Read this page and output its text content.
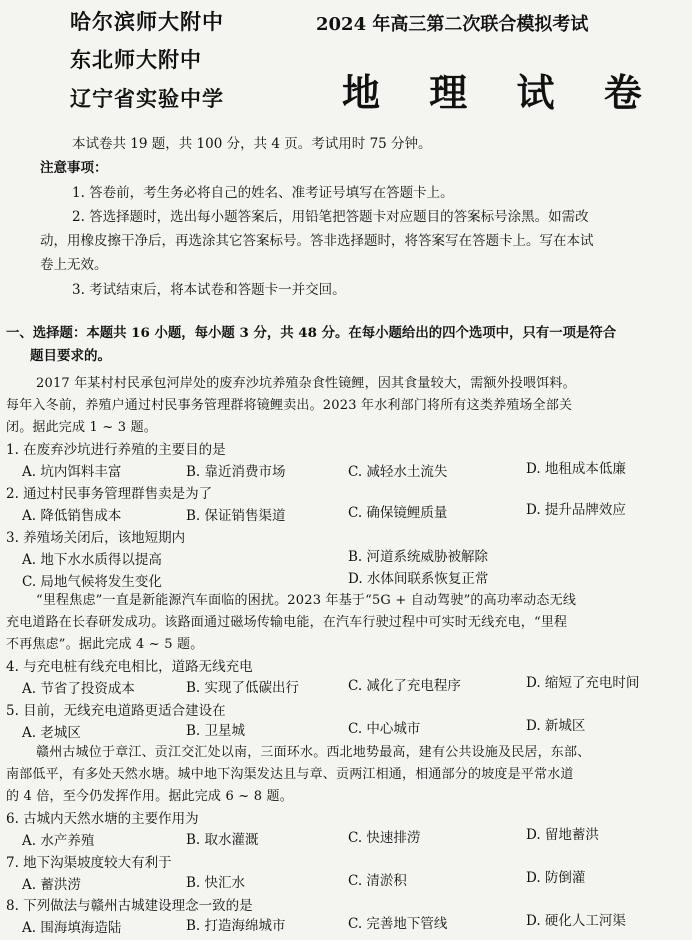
哈尔滨师大附中
东北师大附中
辽宁省实验中学
2024 年高三第二次联合模拟考试
地 理 试 卷
本试卷共 19 题，共 100 分，共 4 页。考试用时 75 分钟。
注意事项：
1. 答卷前，考生务必将自己的姓名、准考证号填写在答题卡上。
2. 答选择题时，选出每小题答案后，用铅笔把答题卡对应题目的答案标号涂黑。如需改
动，用橡皮擦干净后，再选涂其它答案标号。答非选择题时，将答案写在答题卡上。写在本试
卷上无效。
3. 考试结束后，将本试卷和答题卡一并交回。
一、选择题：本题共 16 小题，每小题 3 分，共 48 分。在每小题给出的四个选项中，只有一项是符合
题目要求的。
2017 年某村村民承包河岸处的废弃沙坑养殖杂食性镜鲤，因其食量较大，需额外投喂饵料。
每年入冬前，养殖户通过村民事务管理群将镜鲤卖出。2023 年水利部门将所有这类养殖场全部关
闭。据此完成 1 ~ 3 题。
1. 在废弃沙坑进行养殖的主要目的是
A. 坑内饵料丰富	B. 靠近消费市场	C. 减轻水土流失	D. 地租成本低廉
2. 通过村民事务管理群售卖是为了
A. 降低销售成本	B. 保证销售渠道	C. 确保镜鲤质量	D. 提升品牌效应
3. 养殖场关闭后，该地短期内
A. 地下水水质得以提高	B. 河道系统威胁被解除
C. 局地气候将发生变化	D. 水体间联系恢复正常
“里程焦虑”一直是新能源汽车面临的困扰。2023 年基于“5G + 自动驾驶”的高功率动态无线
充电道路在长春研发成功。该路面通过磁场传输电能，在汽车行驶过程中可实时无线充电，“里程
不再焦虑”。据此完成 4 ~ 5 题。
4. 与充电桩有线充电相比，道路无线充电
A. 节省了投资成本	B. 实现了低碳出行	C. 减化了充电程序	D. 缩短了充电时间
5. 目前，无线充电道路更适合建设在
A. 老城区	B. 卫星城	C. 中心城市	D. 新城区
赣州古城位于章江、贡江交汇处以南，三面环水。西北地势最高，建有公共设施及民居，东部、
南部低平，有多处天然水塘。城中地下沟渠发达且与章、贡两江相通，相通部分的坡度是平常水道
的 4 倍，至今仍发挥作用。据此完成 6 ~ 8 题。
6. 古城内天然水塘的主要作用为
A. 水产养殖	B. 取水灌溉	C. 快速排涝	D. 留地蓄洪
7. 地下沟渠坡度较大有利于
A. 蓄洪涝	B. 快汇水	C. 清淤积	D. 防倒灌
8. 下列做法与赣州古城建设理念一致的是
A. 围海填海造陆	B. 打造海绵城市	C. 完善地下管线	D. 硬化人工河渠
